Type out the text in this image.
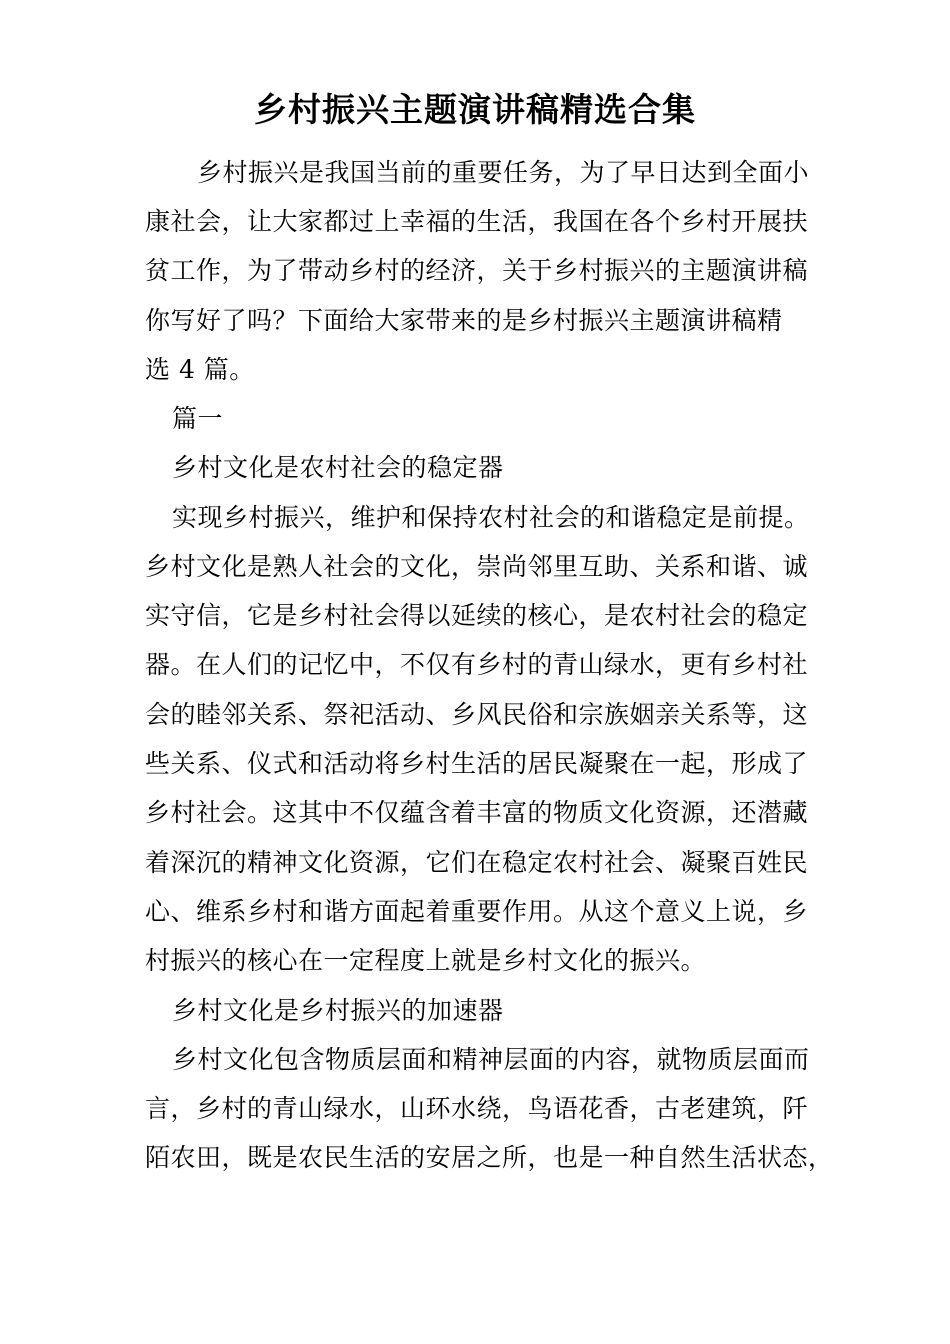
乡村振兴主题演讲稿精选合集

乡村振兴是我国当前的重要任务，为了早日达到全面小

康社会，让大家都过上幸福的生活，我国在各个乡村开展扶

贫工作，为了带动乡村的经济，关于乡村振兴的主题演讲稿

你写好了吗？下面给大家带来的是乡村振兴主题演讲稿精

选 4 篇。

篇一

乡村文化是农村社会的稳定器

实现乡村振兴，维护和保持农村社会的和谐稳定是前提。

乡村文化是熟人社会的文化，崇尚邻里互助、关系和谐、诚

实守信，它是乡村社会得以延续的核心，是农村社会的稳定

器。在人们的记忆中，不仅有乡村的青山绿水，更有乡村社

会的睦邻关系、祭祀活动、乡风民俗和宗族姻亲关系等，这

些关系、仪式和活动将乡村生活的居民凝聚在一起，形成了

乡村社会。这其中不仅蕴含着丰富的物质文化资源，还潜藏

着深沉的精神文化资源，它们在稳定农村社会、凝聚百姓民

心、维系乡村和谐方面起着重要作用。从这个意义上说，乡

村振兴的核心在一定程度上就是乡村文化的振兴。

乡村文化是乡村振兴的加速器

乡村文化包含物质层面和精神层面的内容，就物质层面而

言，乡村的青山绿水，山环水绕，鸟语花香，古老建筑，阡

陌农田，既是农民生活的安居之所，也是一种自然生活状态，
